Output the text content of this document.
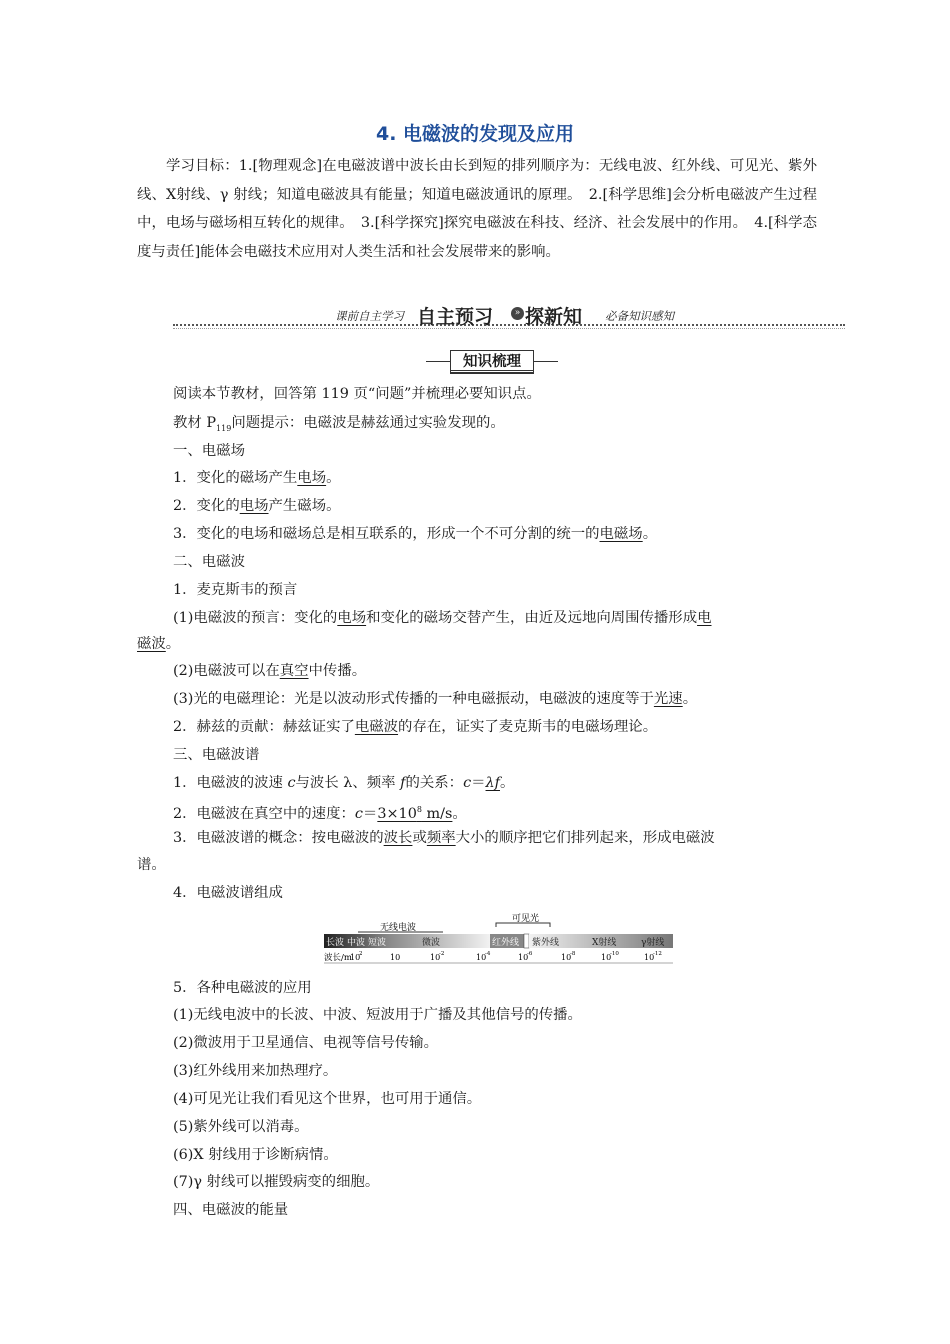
4. 电磁波的发现及应用
学习目标：1.[物理观念]在电磁波谱中波长由长到短的排列顺序为：无线电波、红外线、可见光、紫外线、X射线、γ 射线；知道电磁波具有能量；知道电磁波通讯的原理。　2.[科学思维]会分析电磁波产生过程中，电场与磁场相互转化的规律。　3.[科学探究]探究电磁波在科技、经济、社会发展中的作用。　4.[科学态度与责任]能体会电磁技术应用对人类生活和社会发展带来的影响。
课前自主学习 自主预习	» 探新知 必备知识感知
知识梳理
阅读本节教材，回答第 119 页“问题”并梳理必要知识点。
教材 $P_{119}$问题提示：电磁波是赫兹通过实验发现的。
一、电磁场
1．变化的磁场产生电场。
2．变化的电场产生磁场。
3．变化的电场和磁场总是相互联系的，形成一个不可分割的统一的电磁场。
二、电磁波
1．麦克斯韦的预言
(1)电磁波的预言：变化的电场和变化的磁场交替产生，由近及远地向周围传播形成电
磁波。
(2)电磁波可以在真空中传播。
(3)光的电磁理论：光是以波动形式传播的一种电磁振动，电磁波的速度等于光速。
2．赫兹的贡献：赫兹证实了电磁波的存在，证实了麦克斯韦的电磁场理论。
三、电磁波谱
1．电磁波的波速 c与波长 λ、频率 f的关系：c＝λf。
2．电磁波在真空中的速度：$c=3\times 10^8$ m/s。
3．电磁波谱的概念：按电磁波的波长或频率大小的顺序把它们排列起来，形成电磁波
谱。
4．电磁波谱组成
无线电波
可见光
长波 中波 短波	微波	红外线 紫外线	X射线	γ射线
波长/m
10
2	10	10
-2	10
-4	10
-6	10
-8	10
-10	10
-12
5．各种电磁波的应用
(1)无线电波中的长波、中波、短波用于广播及其他信号的传播。
(2)微波用于卫星通信、电视等信号传输。
(3)红外线用来加热理疗。
(4)可见光让我们看见这个世界，也可用于通信。
(5)紫外线可以消毒。
(6)X 射线用于诊断病情。
(7)γ 射线可以摧毁病变的细胞。
四、电磁波的能量
